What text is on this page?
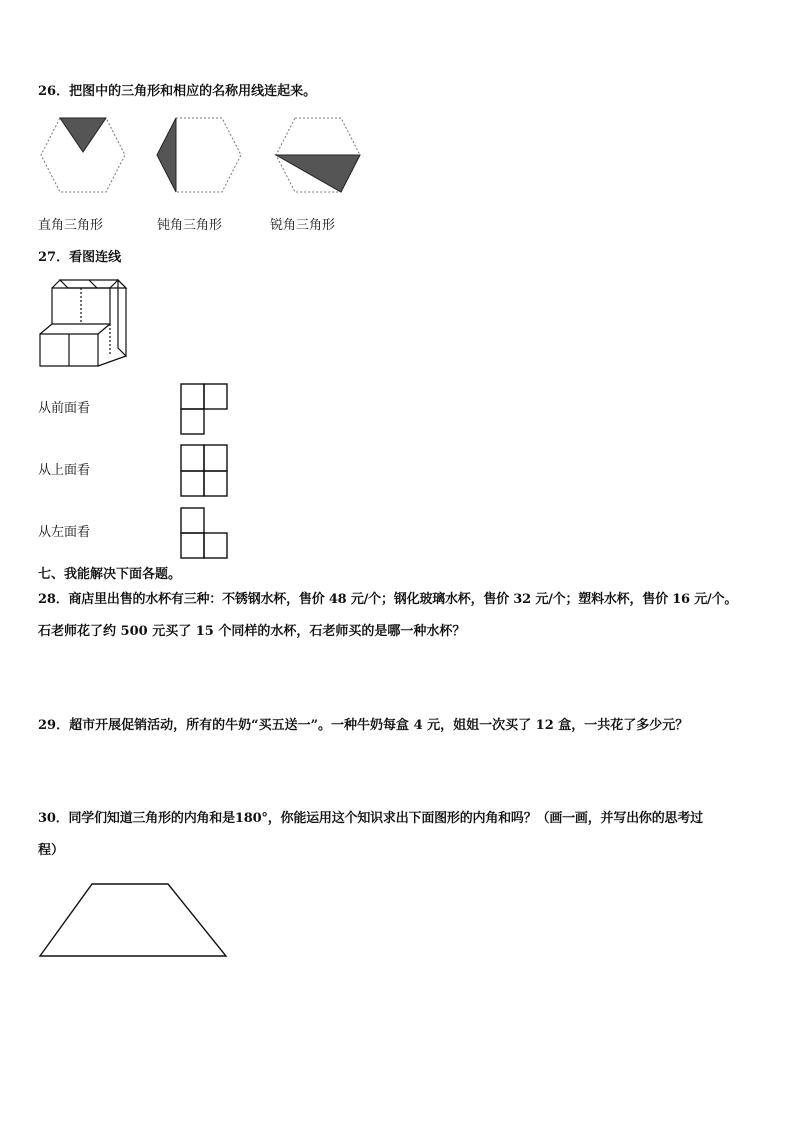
26．把图中的三角形和相应的名称用线连起来。
直角三角形	钝角三角形	锐角三角形
27．看图连线
从前面看
从上面看
从左面看
七、我能解决下面各题。
28．商店里出售的水杯有三种：不锈钢水杯，售价 48 元/个；钢化玻璃水杯，售价 32 元/个；塑料水杯，售价 16 元/个。
石老师花了约 500 元买了 15 个同样的水杯，石老师买的是哪一种水杯？
29．超市开展促销活动，所有的牛奶“买五送一”。一种牛奶每盒 4 元，姐姐一次买了 12 盒，一共花了多少元？
30．同学们知道三角形的内角和是180°，你能运用这个知识求出下面图形的内角和吗？（画一画，并写出你的思考过
程）
